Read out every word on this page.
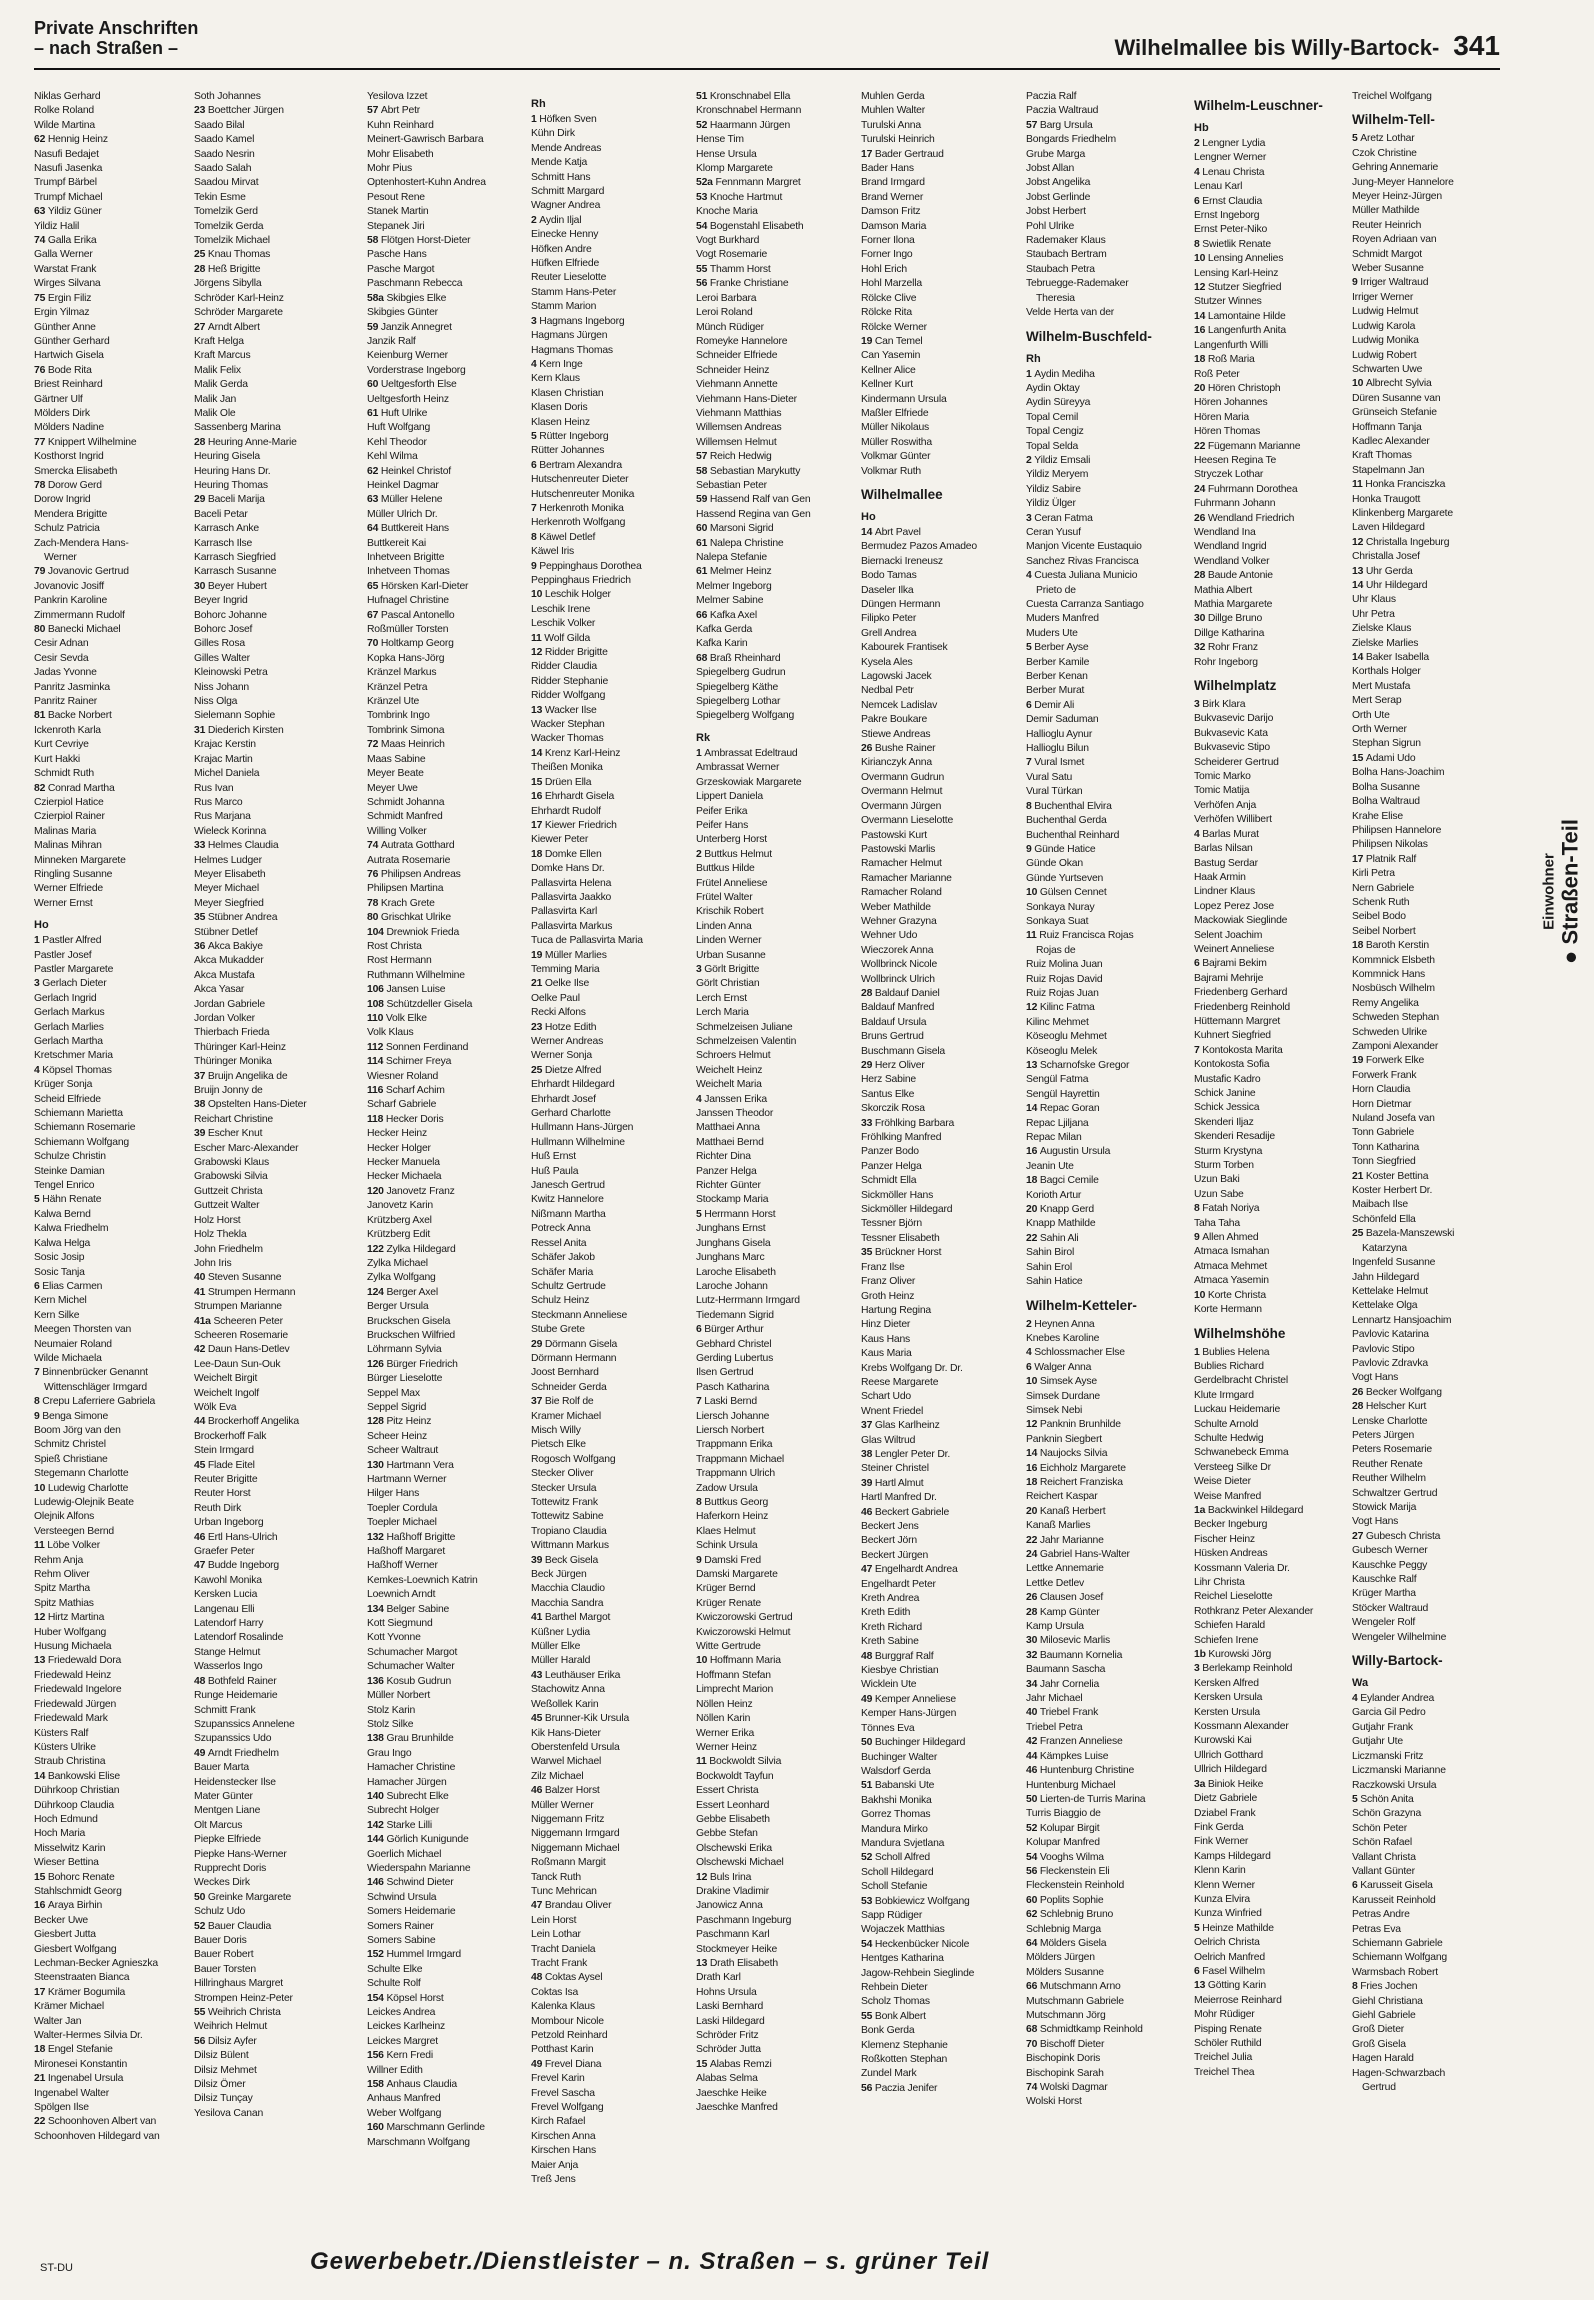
Private Anschriften
– nach Straßen –	Wilhelmallee bis Willy-Bartock- 341
Niklas Gerhard
Rolke Roland
Wilde Martina
62 Hennig Heinz
Nasufi Bedajet
Nasufi Jasenka
Trumpf Bärbel
Trumpf Michael
63 Yildiz Güner
Yildiz Halil
74 Galla Erika
Galla Werner
Warstat Frank
Wirges Silvana
75 Ergin Filiz
Ergin Yilmaz
Günther Anne
Günther Gerhard
Hartwich Gisela
76 Bode Rita
Briest Reinhard
Gärtner Ulf
Mölders Dirk
Mölders Nadine
77 Knippert Wilhelmine
Kosthorst Ingrid
Smercka Elisabeth
78 Dorow Gerd
Dorow Ingrid
Mendera Brigitte
Schulz Patricia
Zach-Mendera Hans-
Werner
79 Jovanovic Gertrud
Jovanovic Josiff
Pankrin Karoline
Zimmermann Rudolf
80 Banecki Michael
Cesir Adnan
Cesir Sevda
Jadas Yvonne
Panritz Jasminka
Panritz Rainer
81 Backe Norbert
Ickenroth Karla
Kurt Cevriye
Kurt Hakki
Schmidt Ruth
82 Conrad Martha
Czierpiol Hatice
Czierpiol Rainer
Malinas Maria
Malinas Mihran
Minneken Margarete
Ringling Susanne
Werner Elfriede
Werner Ernst
Ho
1 Pastler Alfred
Pastler Josef
Pastler Margarete
3 Gerlach Dieter
Gerlach Ingrid
Gerlach Markus
Gerlach Marlies
Gerlach Martha
Kretschmer Maria
4 Köpsel Thomas
Krüger Sonja
Scheid Elfriede
Schiemann Marietta
Schiemann Rosemarie
Schiemann Wolfgang
Schulze Christin
Steinke Damian
Tengel Enrico
5 Hähn Renate
Kalwa Bernd
Kalwa Friedhelm
Kalwa Helga
Sosic Josip
Sosic Tanja
6 Elias Carmen
Kern Michel
Kern Silke
Meegen Thorsten van
Neumaier Roland
Wilde Michaela
7 Binnenbrücker Genannt
Wittenschläger Irmgard
8 Crepu Laferriere Gabriela
9 Benga Simone
Boom Jörg van den
Schmitz Christel
Spieß Christiane
Stegemann Charlotte
10 Ludewig Charlotte
Ludewig-Olejnik Beate
Olejnik Alfons
Versteegen Bernd
11 Löbe Volker
Rehm Anja
Rehm Oliver
Spitz Martha
Spitz Mathias
12 Hirtz Martina
Huber Wolfgang
Husung Michaela
13 Friedewald Dora
Friedewald Heinz
Friedewald Ingelore
Friedewald Jürgen
Friedewald Mark
Küsters Ralf
Küsters Ulrike
Straub Christina
14 Bankowski Elise
Dührkoop Christian
Dührkoop Claudia
Hoch Edmund
Hoch Maria
Misselwitz Karin
Wieser Bettina
15 Bohorc Renate
Stahlschmidt Georg
16 Araya Birhin
Becker Uwe
Giesbert Jutta
Giesbert Wolfgang
Lechman-Becker Agnieszka
Steenstraaten Bianca
17 Krämer Bogumila
Krämer Michael
Walter Jan
Walter-Hermes Silvia Dr.
18 Engel Stefanie
Mironesei Konstantin
21 Ingenabel Ursula
Ingenabel Walter
Spölgen Ilse
22 Schoonhoven Albert van
Schoonhoven Hildegard van
Soth Johannes
23 Boettcher Jürgen
Saado Bilal
Saado Kamel
Saado Nesrin
Saado Salah
Saadou Mirvat
Tekin Esme
Tomelzik Gerd
Tomelzik Gerda
Tomelzik Michael
25 Knau Thomas
28 Heß Brigitte
Jörgens Sibylla
Schröder Karl-Heinz
Schröder Margarete
27 Arndt Albert
Kraft Helga
Kraft Marcus
Malik Felix
Malik Gerda
Malik Jan
Malik Ole
Sassenberg Marina
28 Heuring Anne-Marie
Heuring Gisela
Heuring Hans Dr.
Heuring Thomas
29 Baceli Marija
Baceli Petar
Karrasch Anke
Karrasch Ilse
Karrasch Siegfried
Karrasch Susanne
30 Beyer Hubert
Beyer Ingrid
Bohorc Johanne
Bohorc Josef
Gilles Rosa
Gilles Walter
Kleinowski Petra
Niss Johann
Niss Olga
Sielemann Sophie
31 Diederich Kirsten
Krajac Kerstin
Krajac Martin
Michel Daniela
Rus Ivan
Rus Marco
Rus Marjana
Wieleck Korinna
33 Helmes Claudia
Helmes Ludger
Meyer Elisabeth
Meyer Michael
Meyer Siegfried
35 Stübner Andrea
Stübner Detlef
36 Akca Bakiye
Akca Mukadder
Akca Mustafa
Akca Yasar
Jordan Gabriele
Jordan Volker
Thierbach Frieda
Thüringer Karl-Heinz
Thüringer Monika
37 Bruijn Angelika de
Bruijn Jonny de
38 Opstelten Hans-Dieter
Reichart Christine
39 Escher Knut
Escher Marc-Alexander
Grabowski Klaus
Grabowski Silvia
Guttzeit Christa
Guttzeit Walter
Holz Horst
Holz Thekla
John Friedhelm
John Iris
40 Steven Susanne
41 Strumpen Hermann
Strumpen Marianne
41a Scheeren Peter
Scheeren Rosemarie
42 Daun Hans-Detlev
Lee-Daun Sun-Ouk
Weichelt Birgit
Weichelt Ingolf
Wölk Eva
44 Brockerhoff Angelika
Brockerhoff Falk
Stein Irmgard
45 Flade Eitel
Reuter Brigitte
Reuter Horst
Reuth Dirk
Urban Ingeborg
46 Ertl Hans-Ulrich
Graefer Peter
47 Budde Ingeborg
Kawohl Monika
Kersken Lucia
Langenau Elli
Latendorf Harry
Latendorf Rosalinde
Stange Helmut
Wasserlos Ingo
48 Bothfeld Rainer
Runge Heidemarie
Schmitt Frank
Szupanssics Annelene
Szupanssics Udo
49 Arndt Friedhelm
Bauer Marta
Heidenstecker Ilse
Mater Günter
Mentgen Liane
Olt Marcus
Piepke Elfriede
Piepke Hans-Werner
Rupprecht Doris
Weckes Dirk
50 Greinke Margarete
Schulz Udo
52 Bauer Claudia
Bauer Doris
Bauer Robert
Bauer Torsten
Hillringhaus Margret
Strompen Heinz-Peter
55 Weihrich Christa
Weihrich Helmut
56 Dilsiz Ayfer
Dilsiz Bülent
Dilsiz Mehmet
Dilsiz Ömer
Dilsiz Tunçay
Yesilova Canan
Yesilova Izzet
57 Abrt Petr
Kuhn Reinhard
Meinert-Gawrisch Barbara
Mohr Elisabeth
Mohr Pius
Optenhostert-Kuhn Andrea
Pesout Rene
Stanek Martin
Stepanek Jiri
58 Flötgen Horst-Dieter
Pasche Hans
Pasche Margot
Paschmann Rebecca
58a Skibgies Elke
Skibgies Günter
59 Janzik Annegret
Janzik Ralf
Keienburg Werner
Vorderstrase Ingeborg
60 Ueltgesforth Else
Ueltgesforth Heinz
61 Huft Ulrike
Huft Wolfgang
Kehl Theodor
Kehl Wilma
62 Heinkel Christof
Heinkel Dagmar
63 Müller Helene
Müller Ulrich Dr.
64 Buttkereit Hans
Buttkereit Kai
Inhetveen Brigitte
Inhetveen Thomas
65 Hörsken Karl-Dieter
Hufnagel Christine
67 Pascal Antonello
Roßmüller Torsten
70 Holtkamp Georg
Kopka Hans-Jörg
Kränzel Markus
Kränzel Petra
Kränzel Ute
Tombrink Ingo
Tombrink Simona
72 Maas Heinrich
Maas Sabine
Meyer Beate
Meyer Uwe
Schmidt Johanna
Schmidt Manfred
Willing Volker
74 Autrata Gotthard
Autrata Rosemarie
76 Philipsen Andreas
Philipsen Martina
78 Krach Grete
80 Grischkat Ulrike
104 Drewniok Frieda
Rost Christa
Rost Hermann
Ruthmann Wilhelmine
106 Jansen Luise
108 Schützdeller Gisela
110 Volk Elke
Volk Klaus
112 Sonnen Ferdinand
114 Schirner Freya
Wiesner Roland
116 Scharf Achim
Scharf Gabriele
118 Hecker Doris
Hecker Heinz
Hecker Holger
Hecker Manuela
Hecker Michaela
120 Janovetz Franz
Janovetz Karin
Krützberg Axel
Krützberg Edit
122 Zylka Hildegard
Zylka Michael
Zylka Wolfgang
124 Berger Axel
Berger Ursula
Bruckschen Gisela
Bruckschen Wilfried
Löhrmann Sylvia
126 Bürger Friedrich
Bürger Lieselotte
Seppel Max
Seppel Sigrid
128 Pitz Heinz
Scheer Heinz
Scheer Waltraut
130 Hartmann Vera
Hartmann Werner
Hilger Hans
Toepler Cordula
Toepler Michael
132 Haßhoff Brigitte
Haßhoff Margaret
Haßhoff Werner
Kemkes-Loewnich Katrin
Loewnich Arndt
134 Belger Sabine
Kott Siegmund
Kott Yvonne
Schumacher Margot
Schumacher Walter
136 Kosub Gudrun
Müller Norbert
Stolz Karin
Stolz Silke
138 Grau Brunhilde
Grau Ingo
Hamacher Christine
Hamacher Jürgen
140 Subrecht Elke
Subrecht Holger
142 Starke Lilli
144 Görlich Kunigunde
Goerlich Michael
Wiederspahn Marianne
146 Schwind Dieter
Schwind Ursula
Somers Heidemarie
Somers Rainer
Somers Sabine
152 Hummel Irmgard
Schulte Elke
Schulte Rolf
154 Köpsel Horst
Leickes Andrea
Leickes Karlheinz
Leickes Margret
156 Kern Fredi
Willner Edith
158 Anhaus Claudia
Anhaus Manfred
Weber Wolfgang
160 Marschmann Gerlinde
Marschmann Wolfgang
Rh
1 Höfken Sven
Kühn Dirk
Mende Andreas
Mende Katja
Schmitt Hans
Schmitt Margard
Wagner Andrea
2 Aydin Iljal
Einecke Henny
Höfken Andre
Hüfken Elfriede
Reuter Lieselotte
Stamm Hans-Peter
Stamm Marion
3 Hagmans Ingeborg
Hagmans Jürgen
Hagmans Thomas
4 Kern Inge
Kern Klaus
Klasen Christian
Klasen Doris
Klasen Heinz
5 Rütter Ingeborg
Rütter Johannes
6 Bertram Alexandra
Hutschenreuter Dieter
Hutschenreuter Monika
7 Herkenroth Monika
Herkenroth Wolfgang
8 Käwel Detlef
Käwel Iris
9 Peppinghaus Dorothea
Peppinghaus Friedrich
10 Leschik Holger
Leschik Irene
Leschik Volker
11 Wolf Gilda
12 Ridder Brigitte
Ridder Claudia
Ridder Stephanie
Ridder Wolfgang
13 Wacker Ilse
Wacker Stephan
Wacker Thomas
14 Krenz Karl-Heinz
Theißen Monika
15 Drüen Ella
16 Ehrhardt Gisela
Ehrhardt Rudolf
17 Kiewer Friedrich
Kiewer Peter
18 Domke Ellen
Domke Hans Dr.
Pallasvirta Helena
Pallasvirta Jaakko
Pallasvirta Karl
Pallasvirta Markus
Tuca de Pallasvirta Maria
19 Müller Marlies
Temming Maria
21 Oelke Ilse
Oelke Paul
Recki Alfons
23 Hotze Edith
Werner Andreas
Werner Sonja
25 Dietze Alfred
Ehrhardt Hildegard
Ehrhardt Josef
Gerhard Charlotte
Hullmann Hans-Jürgen
Hullmann Wilhelmine
Huß Ernst
Huß Paula
Janesch Gertrud
Kwitz Hannelore
Nißmann Martha
Potreck Anna
Ressel Anita
Schäfer Jakob
Schäfer Maria
Schultz Gertrude
Schulz Heinz
Steckmann Anneliese
Stube Grete
29 Dörmann Gisela
Dörmann Hermann
Joost Bernhard
Schneider Gerda
37 Bie Rolf de
Kramer Michael
Misch Willy
Pietsch Elke
Rogosch Wolfgang
Stecker Oliver
Stecker Ursula
Tottewitz Frank
Tottewitz Sabine
Tropiano Claudia
Wittmann Markus
39 Beck Gisela
Beck Jürgen
Macchia Claudio
Macchia Sandra
41 Barthel Margot
Küßner Lydia
Müller Elke
Müller Harald
43 Leuthäuser Erika
Stachowitz Anna
Weßollek Karin
45 Brunner-Kik Ursula
Kik Hans-Dieter
Oberstenfeld Ursula
Warwel Michael
Zilz Michael
46 Balzer Horst
Müller Werner
Niggemann Fritz
Niggemann Irmgard
Niggemann Michael
Roßmann Margit
Tanck Ruth
Tunc Mehrican
47 Brandau Oliver
Lein Horst
Lein Lothar
Tracht Daniela
Tracht Frank
48 Coktas Aysel
Coktas Isa
Kalenka Klaus
Mombour Nicole
Petzold Reinhard
Potthast Karin
49 Frevel Diana
Frevel Karin
Frevel Sascha
Frevel Wolfgang
Kirch Rafael
Kirschen Anna
Kirschen Hans
Maier Anja
Treß Jens
51 Kronschnabel Ella
Kronschnabel Hermann
52 Haarmann Jürgen
Hense Tim
Hense Ursula
Klomp Margarete
52a Fennmann Margret
53 Knoche Hartmut
Knoche Maria
54 Bogenstahl Elisabeth
Vogt Burkhard
Vogt Rosemarie
55 Thamm Horst
56 Franke Christiane
Leroi Barbara
Leroi Roland
Münch Rüdiger
Romeyke Hannelore
Schneider Elfriede
Schneider Heinz
Viehmann Annette
Viehmann Hans-Dieter
Viehmann Matthias
Willemsen Andreas
Willemsen Helmut
57 Reich Hedwig
58 Sebastian Marykutty
Sebastian Peter
59 Hassend Ralf van Gen
Hassend Regina van Gen
60 Marsoni Sigrid
61 Nalepa Christine
Nalepa Stefanie
61 Melmer Heinz
Melmer Ingeborg
Melmer Sabine
66 Kafka Axel
Kafka Gerda
Kafka Karin
68 Braß Rheinhard
Spiegelberg Gudrun
Spiegelberg Käthe
Spiegelberg Lothar
Spiegelberg Wolfgang
Rk
1 Ambrassat Edeltraud
Ambrassat Werner
Grzeskowiak Margarete
Lippert Daniela
Peifer Erika
Peifer Hans
Unterberg Horst
2 Buttkus Helmut
Buttkus Hilde
Frütel Anneliese
Frütel Walter
Krischik Robert
Linden Anna
Linden Werner
Urban Susanne
3 Görlt Brigitte
Görlt Christian
Lerch Ernst
Lerch Maria
Schmelzeisen Juliane
Schmelzeisen Valentin
Schroers Helmut
Weichelt Heinz
Weichelt Maria
4 Janssen Erika
Janssen Theodor
Matthaei Anna
Matthaei Bernd
Richter Dina
Panzer Helga
Richter Günter
Stockamp Maria
5 Herrmann Horst
Junghans Ernst
Junghans Gisela
Junghans Marc
Laroche Elisabeth
Laroche Johann
Lutz-Herrmann Irmgard
Tiedemann Sigrid
6 Bürger Arthur
Gebhard Christel
Gerding Lubertus
Ilsen Gertrud
Pasch Katharina
7 Laski Bernd
Liersch Johanne
Liersch Norbert
Trappmann Erika
Trappmann Michael
Trappmann Ulrich
Zadow Ursula
8 Buttkus Georg
Haferkorn Heinz
Klaes Helmut
Schink Ursula
9 Damski Fred
Damski Margarete
Krüger Bernd
Krüger Renate
Kwiczorowski Gertrud
Kwiczorowski Helmut
Witte Gertrude
10 Hoffmann Maria
Hoffmann Stefan
Limprecht Marion
Nöllen Heinz
Nöllen Karin
Werner Erika
Werner Heinz
11 Bockwoldt Silvia
Bockwoldt Tayfun
Essert Christa
Essert Leonhard
Gebbe Elisabeth
Gebbe Stefan
Olschewski Erika
Olschewski Michael
12 Buls Irina
Drakine Vladimir
Janowicz Anna
Paschmann Ingeburg
Paschmann Karl
Stockmeyer Heike
13 Drath Elisabeth
Drath Karl
Hohns Ursula
Laski Bernhard
Laski Hildegard
Schröder Fritz
Schröder Jutta
15 Alabas Remzi
Alabas Selma
Jaeschke Heike
Jaeschke Manfred
Muhlen Gerda
Muhlen Walter
Turulski Anna
Turulski Heinrich
17 Bader Gertraud
Bader Hans
Brand Irmgard
Brand Werner
Damson Fritz
Damson Maria
Forner Ilona
Forner Ingo
Hohl Erich
Hohl Marzella
Rölcke Clive
Rölcke Rita
Rölcke Werner
19 Can Temel
Can Yasemin
Kellner Alice
Kellner Kurt
Kindermann Ursula
Maßler Elfriede
Müller Nikolaus
Müller Roswitha
Volkmar Günter
Volkmar Ruth
Wilhelmallee
Ho
14 Abrt Pavel
Bermudez Pazos Amadeo
Biernacki Ireneusz
Bodo Tamas
Daseler Ilka
Düngen Hermann
Filipko Peter
Grell Andrea
Kabourek Frantisek
Kysela Ales
Lagowski Jacek
Nedbal Petr
Nemcek Ladislav
Pakre Boukare
Stiewe Andreas
26 Bushe Rainer
Kirianczyk Anna
Overmann Gudrun
Overmann Helmut
Overmann Jürgen
Overmann Lieselotte
Pastowski Kurt
Pastowski Marlis
Ramacher Helmut
Ramacher Marianne
Ramacher Roland
Weber Mathilde
Wehner Grazyna
Wehner Udo
Wieczorek Anna
Wollbrinck Nicole
Wollbrinck Ulrich
28 Baldauf Daniel
Baldauf Manfred
Baldauf Ursula
Bruns Gertrud
Buschmann Gisela
29 Herz Oliver
Herz Sabine
Santus Elke
Skorczik Rosa
33 Fröhlking Barbara
Fröhlking Manfred
Panzer Bodo
Panzer Helga
Schmidt Ella
Sickmöller Hans
Sickmöller Hildegard
Tessner Björn
Tessner Elisabeth
35 Brückner Horst
Franz Ilse
Franz Oliver
Groth Heinz
Hartung Regina
Hinz Dieter
Kaus Hans
Kaus Maria
Krebs Wolfgang Dr. Dr.
Reese Margarete
Schart Udo
Wnent Friedel
37 Glas Karlheinz
Glas Wiltrud
38 Lengler Peter Dr.
Steiner Christel
39 Hartl Almut
Hartl Manfred Dr.
46 Beckert Gabriele
Beckert Jens
Beckert Jörn
Beckert Jürgen
47 Engelhardt Andrea
Engelhardt Peter
Kreth Andrea
Kreth Edith
Kreth Richard
Kreth Sabine
48 Burggraf Ralf
Kiesbye Christian
Wicklein Ute
49 Kemper Anneliese
Kemper Hans-Jürgen
Tönnes Eva
50 Buchinger Hildegard
Buchinger Walter
Walsdorf Gerda
51 Babanski Ute
Bakhshi Monika
Gorrez Thomas
Mandura Mirko
Mandura Svjetlana
52 Scholl Alfred
Scholl Hildegard
Scholl Stefanie
53 Bobkiewicz Wolfgang
Sapp Rüdiger
Wojaczek Matthias
54 Heckenbücker Nicole
Hentges Katharina
Jagow-Rehbein Sieglinde
Rehbein Dieter
Scholz Thomas
55 Bonk Albert
Bonk Gerda
Klemenz Stephanie
Roßkotten Stephan
Zundel Mark
56 Paczia Jenifer
Paczia Ralf
Paczia Waltraud
57 Barg Ursula
Bongards Friedhelm
Grube Marga
Jobst Allan
Jobst Angelika
Jobst Gerlinde
Jobst Herbert
Pohl Ulrike
Rademaker Klaus
Staubach Bertram
Staubach Petra
Tebruegge-Rademaker
Theresia
Velde Herta van der
Wilhelm-Buschfeld-
Rh
1 Aydin Mediha
Aydin Oktay
Aydin Süreyya
Topal Cemil
Topal Cengiz
Topal Selda
2 Yildiz Emsali
Yildiz Meryem
Yildiz Sabire
Yildiz Ülger
3 Ceran Fatma
Ceran Yusuf
Manjon Vicente Eustaquio
Sanchez Rivas Francisca
4 Cuesta Juliana Municio
Prieto de
Cuesta Carranza Santiago
Muders Manfred
Muders Ute
5 Berber Ayse
Berber Kamile
Berber Kenan
Berber Murat
6 Demir Ali
Demir Saduman
Hallioglu Aynur
Hallioglu Bilun
7 Vural Ismet
Vural Satu
Vural Türkan
8 Buchenthal Elvira
Buchenthal Gerda
Buchenthal Reinhard
9 Günde Hatice
Günde Okan
Günde Yurtseven
10 Gülsen Cennet
Sonkaya Nuray
Sonkaya Suat
11 Ruiz Francisca Rojas
Rojas de
Ruiz Molina Juan
Ruiz Rojas David
Ruiz Rojas Juan
12 Kilinc Fatma
Kilinc Mehmet
Köseoglu Mehmet
Köseoglu Melek
13 Scharnofske Gregor
Sengül Fatma
Sengül Hayrettin
14 Repac Goran
Repac Ljiljana
Repac Milan
16 Augustin Ursula
Jeanin Ute
18 Bagci Cemile
Korioth Artur
20 Knapp Gerd
Knapp Mathilde
22 Sahin Ali
Sahin Birol
Sahin Erol
Sahin Hatice
Wilhelm-Ketteler-
2 Heynen Anna
Knebes Karoline
4 Schlossmacher Else
6 Walger Anna
10 Simsek Ayse
Simsek Durdane
Simsek Nebi
12 Panknin Brunhilde
Panknin Siegbert
14 Naujocks Silvia
16 Eichholz Margarete
18 Reichert Franziska
Reichert Kaspar
20 Kanaß Herbert
Kanaß Marlies
22 Jahr Marianne
24 Gabriel Hans-Walter
Lettke Annemarie
Lettke Detlev
26 Clausen Josef
28 Kamp Günter
Kamp Ursula
30 Milosevic Marlis
32 Baumann Kornelia
Baumann Sascha
34 Jahr Cornelia
Jahr Michael
40 Triebel Frank
Triebel Petra
42 Franzen Anneliese
44 Kämpkes Luise
46 Huntenburg Christine
Huntenburg Michael
50 Lierten-de Turris Marina
Turris Biaggio de
52 Kolupar Birgit
Kolupar Manfred
54 Vooghs Wilma
56 Fleckenstein Eli
Fleckenstein Reinhold
60 Poplits Sophie
62 Schlebnig Bruno
Schlebnig Marga
64 Mölders Gisela
Mölders Jürgen
Mölders Susanne
66 Mutschmann Arno
Mutschmann Gabriele
Mutschmann Jörg
68 Schmidtkamp Reinhold
70 Bischoff Dieter
Bischopink Doris
Bischopink Sarah
74 Wolski Dagmar
Wolski Horst
Wilhelm-Leuschner-
Hb
2 Lengner Lydia
Lengner Werner
4 Lenau Christa
Lenau Karl
6 Ernst Claudia
Ernst Ingeborg
Ernst Peter-Niko
8 Swietlik Renate
10 Lensing Annelies
Lensing Karl-Heinz
12 Stutzer Siegfried
Stutzer Winnes
14 Lamontaine Hilde
16 Langenfurth Anita
Langenfurth Willi
18 Roß Maria
Roß Peter
20 Hören Christoph
Hören Johannes
Hören Maria
Hören Thomas
22 Fügemann Marianne
Heesen Regina Te
Stryczek Lothar
24 Fuhrmann Dorothea
Fuhrmann Johann
26 Wendland Friedrich
Wendland Ina
Wendland Ingrid
Wendland Volker
28 Baude Antonie
Mathia Albert
Mathia Margarete
30 Dillge Bruno
Dillge Katharina
32 Rohr Franz
Rohr Ingeborg
Wilhelmplatz
3 Birk Klara
Bukvasevic Darijo
Bukvasevic Kata
Bukvasevic Stipo
Scheiderer Gertrud
Tomic Marko
Tomic Matija
Verhöfen Anja
Verhöfen Willibert
4 Barlas Murat
Barlas Nilsan
Bastug Serdar
Haak Armin
Lindner Klaus
Lopez Perez Jose
Mackowiak Sieglinde
Selent Joachim
Weinert Anneliese
6 Bajrami Bekim
Bajrami Mehrije
Friedenberg Gerhard
Friedenberg Reinhold
Hüttemann Margret
Kuhnert Siegfried
7 Kontokosta Marita
Kontokosta Sofia
Mustafic Kadro
Schick Janine
Schick Jessica
Skenderi Iljaz
Skenderi Resadije
Sturm Krystyna
Sturm Torben
Uzun Baki
Uzun Sabe
8 Fatah Noriya
Taha Taha
9 Allen Ahmed
Atmaca Ismahan
Atmaca Mehmet
Atmaca Yasemin
10 Korte Christa
Korte Hermann
Wilhelmshöhe
1 Bublies Helena
Bublies Richard
Gerdelbracht Christel
Klute Irmgard
Luckau Heidemarie
Schulte Arnold
Schulte Hedwig
Schwanebeck Emma
Versteeg Silke Dr
Weise Dieter
Weise Manfred
1a Backwinkel Hildegard
Becker Ingeburg
Fischer Heinz
Hüsken Andreas
Kossmann Valeria Dr.
Lihr Christa
Reichel Lieselotte
Rothkranz Peter Alexander
Schiefen Harald
Schiefen Irene
1b Kurowski Jörg
3 Berlekamp Reinhold
Kersken Alfred
Kersken Ursula
Kersten Ursula
Kossmann Alexander
Kurowski Kai
Ullrich Gotthard
Ullrich Hildegard
3a Biniok Heike
Dietz Gabriele
Dziabel Frank
Fink Gerda
Fink Werner
Kamps Hildegard
Klenn Karin
Klenn Werner
Kunza Elvira
Kunza Winfried
5 Heinze Mathilde
Oelrich Christa
Oelrich Manfred
6 Fasel Wilhelm
13 Götting Karin
Meierrose Reinhard
Mohr Rüdiger
Pisping Renate
Schöler Ruthild
Treichel Julia
Treichel Thea
Treichel Wolfgang
Wilhelm-Tell-
5 Aretz Lothar
Czok Christine
Gehring Annemarie
Jung-Meyer Hannelore
Meyer Heinz-Jürgen
Müller Mathilde
Reuter Heinrich
Royen Adriaan van
Schmidt Margot
Weber Susanne
9 Irriger Waltraud
Irriger Werner
Ludwig Helmut
Ludwig Karola
Ludwig Monika
Ludwig Robert
Schwarten Uwe
10 Albrecht Sylvia
Düren Susanne van
Grünseich Stefanie
Hoffmann Tanja
Kadlec Alexander
Kraft Thomas
Stapelmann Jan
11 Honka Franciszka
Honka Traugott
Klinkenberg Margarete
Laven Hildegard
12 Christalla Ingeburg
Christalla Josef
13 Uhr Gerda
14 Uhr Hildegard
Uhr Klaus
Uhr Petra
Zielske Klaus
Zielske Marlies
14 Baker Isabella
Korthals Holger
Mert Mustafa
Mert Serap
Orth Ute
Orth Werner
Stephan Sigrun
15 Adami Udo
Bolha Hans-Joachim
Bolha Susanne
Bolha Waltraud
Krahe Elise
Philipsen Hannelore
Philipsen Nikolas
17 Platnik Ralf
Kirli Petra
Nern Gabriele
Schenk Ruth
Seibel Bodo
Seibel Norbert
18 Baroth Kerstin
Kommnick Elsbeth
Kommnick Hans
Nosbüsch Wilhelm
Remy Angelika
Schweden Stephan
Schweden Ulrike
Zamponi Alexander
19 Forwerk Elke
Forwerk Frank
Horn Claudia
Horn Dietmar
Nuland Josefa van
Tonn Gabriele
Tonn Katharina
Tonn Siegfried
21 Koster Bettina
Koster Herbert Dr.
Maibach Ilse
Schönfeld Ella
25 Bazela-Manszewski
Katarzyna
Ingenfeld Susanne
Jahn Hildegard
Kettelake Helmut
Kettelake Olga
Lennartz Hansjoachim
Pavlovic Katarina
Pavlovic Stipo
Pavlovic Zdravka
Vogt Hans
26 Becker Wolfgang
28 Helscher Kurt
Lenske Charlotte
Peters Jürgen
Peters Rosemarie
Reuther Renate
Reuther Wilhelm
Schwaltzer Gertrud
Stowick Marija
Vogt Hans
27 Gubesch Christa
Gubesch Werner
Kauschke Peggy
Kauschke Ralf
Krüger Martha
Stöcker Waltraud
Wengeler Rolf
Wengeler Wilhelmine
Willy-Bartock-
Wa
4 Eylander Andrea
Garcia Gil Pedro
Gutjahr Frank
Gutjahr Ute
Liczmanski Fritz
Liczmanski Marianne
Raczkowski Ursula
5 Schön Anita
Schön Grazyna
Schön Peter
Schön Rafael
Vallant Christa
Vallant Günter
6 Karusseit Gisela
Karusseit Reinhold
Petras Andre
Petras Eva
Schiemann Gabriele
Schiemann Wolfgang
Warmsbach Robert
8 Fries Jochen
Giehl Christiana
Giehl Gabriele
Groß Dieter
Groß Gisela
Hagen Harald
Hagen-Schwarzbach
Gertrud
Einwohner ● Straßen-Teil
ST-DU	Gewerbebetr./Dienstleister – n. Straßen – s. grüner Teil
